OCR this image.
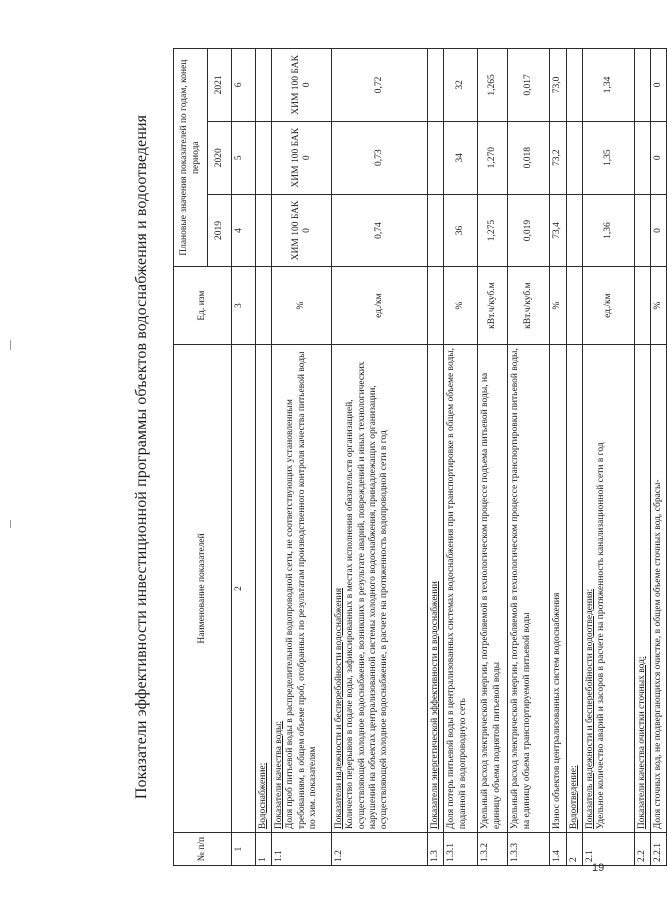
Показатели эффективности инвестиционной программы объектов водоснабжения и водоотведения
№ п/п	Наименование показателей	Ед. изм	Плановые значения показателей по годам, конец периода		
			2019	2020	2021
1	2	3	4	5	6
1	Водоснабжение:				
1.1	Показатели качества воды: Доля проб питьевой воды в распределительной водопроводной сети, не соответствующих установленным требованиям, в общем объеме проб, отобранных по результатам производственного контроля качества питьевой воды по хим. показателям	%	ХИМ 100 БАК 0	ХИМ 100 БАК 0	ХИМ 100 БАК 0
1.2	Показатели надежности и бесперебойности водоснабжения Количество перерывов в подаче воды, зафиксированных в местах исполнения обязательств организацией, осуществляющей холодное водоснабжение, возникших в результате аварий, повреждений и иных технологических нарушений на объектах централизованной системы холодного водоснабжения, принадлежащих организации, осуществляющей холодное водоснабжение, в расчете на протяженность водопроводной сети в год	ед./км	0,74	0,73	0,72
1.3	Показатели энергетической эффективности в водоснабжении				
1.3.1	Доля потерь питьевой воды в централизованных системах водоснабжения при транспортировке в общем объеме воды, поданной в водопроводную сеть	%	36	34	32
1.3.2	Удельный расход электрической энергии, потребляемой в технологическом процессе подъема питьевой воды, на единицу объема поднятой питьевой воды	кВт.ч/куб.м	1,275	1,270	1,265
1.3.3	Удельный расход электрической энергии, потребляемой в технологическом процессе транспортировки питьевой воды, на единицу объема транспортируемой питьевой воды	кВт.ч/куб.м	0,019	0,018	0,017
1.4	Износ объектов централизованных систем водоснабжения	%	73,4	73,2	73,0
2	Водоотведение:				
2.1	Показатель надежности и бесперебойности водоотведения: Удельное количество аварий и засоров в расчете на протяженность канализационной сети в год	ед./км	1,36	1,35	1,34
2.2	Показатели качества очистки сточных вод:				
2.2.1	Доля сточных вод, не подвергающихся очистке, в общем объеме сточных вод, сбрасы-	%	0	0	0
19
